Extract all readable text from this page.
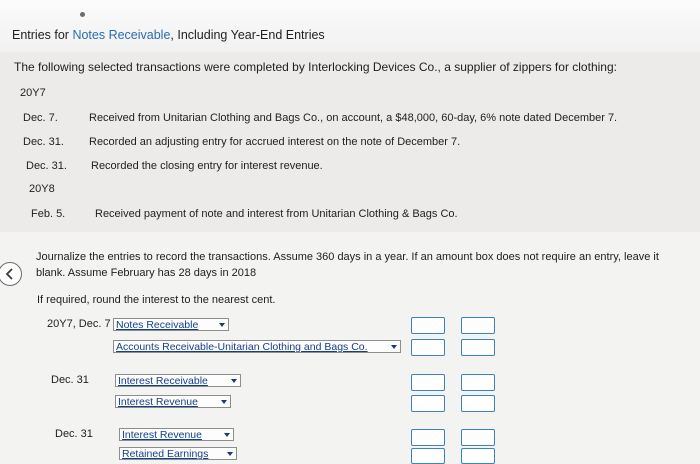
Entries for Notes Receivable, Including Year-End Entries
The following selected transactions were completed by Interlocking Devices Co., a supplier of zippers for clothing:
20Y7
Dec. 7.	Received from Unitarian Clothing and Bags Co., on account, a $48,000, 60-day, 6% note dated December 7.
Dec. 31. Recorded an adjusting entry for accrued interest on the note of December 7.
Dec. 31. Recorded the closing entry for interest revenue.
20Y8
Feb. 5.	Received payment of note and interest from Unitarian Clothing & Bags Co.
Journalize the entries to record the transactions. Assume 360 days in a year. If an amount box does not require an entry, leave it
blank. Assume February has 28 days in 2018
If required, round the interest to the nearest cent.
20Y7, Dec. 7 Notes Receivable
Accounts Receivable-Unitarian Clothing and Bags Co.
Dec. 31	Interest Receivable
Interest Revenue
Dec. 31	Interest Revenue
Retained Earnings
